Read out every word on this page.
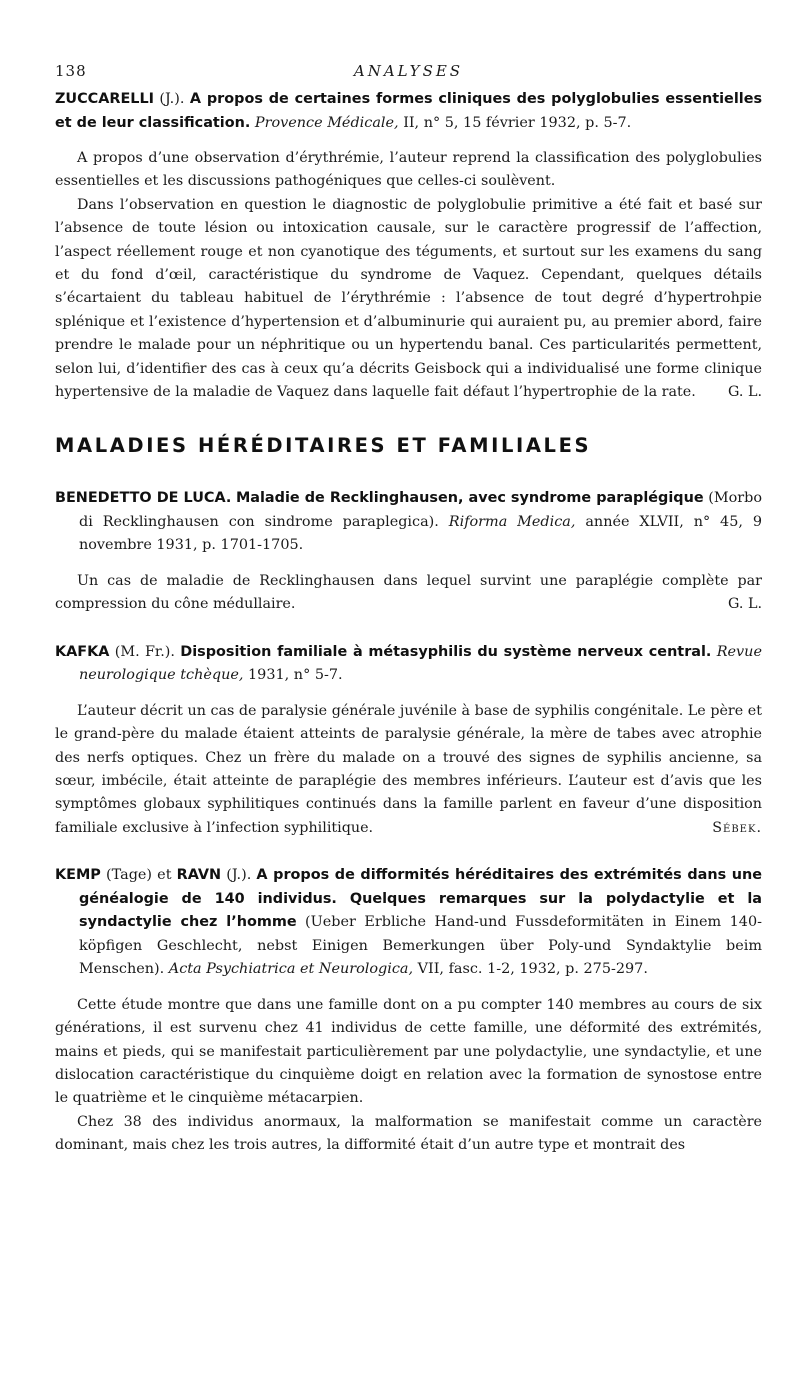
138	ANALYSES

ZUCCARELLI (J.). A propos de certaines formes cliniques des polyglobulies essentielles et de leur classification. Provence Médicale, II, n° 5, 15 février 1932, p. 5-7.

A propos d’une observation d’érythrémie, l’auteur reprend la classification des polyglobulies essentielles et les discussions pathogéniques que celles-ci soulèvent.

Dans l’observation en question le diagnostic de polyglobulie primitive a été fait et basé sur l’absence de toute lésion ou intoxication causale, sur le caractère progressif de l’affection, l’aspect réellement rouge et non cyanotique des téguments, et surtout sur les examens du sang et du fond d’œil, caractéristique du syndrome de Vaquez. Cependant, quelques détails s’écartaient du tableau habituel de l’érythrémie : l’absence de tout degré d’hypertrohpie splénique et l’existence d’hypertension et d’albuminurie qui auraient pu, au premier abord, faire prendre le malade pour un néphritique ou un hypertendu banal. Ces particularités permettent, selon lui, d’identifier des cas à ceux qu’a décrits Geisbock qui a individualisé une forme clinique hypertensive de la maladie de Vaquez dans laquelle fait défaut l’hypertrophie de la rate. G. L.

MALADIES HÉRÉDITAIRES ET FAMILIALES

BENEDETTO DE LUCA. Maladie de Recklinghausen, avec syndrome paraplégique (Morbo di Recklinghausen con sindrome paraplegica). Riforma Medica, année XLVII, n° 45, 9 novembre 1931, p. 1701-1705.

Un cas de maladie de Recklinghausen dans lequel survint une paraplégie complète par compression du cône médullaire.	G. L.

KAFKA (M. Fr.). Disposition familiale à métasyphilis du système nerveux central. Revue neurologique tchèque, 1931, n° 5-7.

L’auteur décrit un cas de paralysie générale juvénile à base de syphilis congénitale. Le père et le grand-père du malade étaient atteints de paralysie générale, la mère de tabes avec atrophie des nerfs optiques. Chez un frère du malade on a trouvé des signes de syphilis ancienne, sa sœur, imbécile, était atteinte de paraplégie des membres inférieurs. L’auteur est d’avis que les symptômes globaux syphilitiques continués dans la famille parlent en faveur d’une disposition familiale exclusive à l’infection syphilitique.	Sébek.

KEMP (Tage) et RAVN (J.). A propos de difformités héréditaires des extrémités dans une généalogie de 140 individus. Quelques remarques sur la polydactylie et la syndactylie chez l’homme (Ueber Erbliche Hand-und Fussdeformitäten in Einem 140-köpfigen Geschlecht, nebst Einigen Bemerkungen über Poly-und Syndaktylie beim Menschen). Acta Psychiatrica et Neurologica, VII, fasc. 1-2, 1932, p. 275-297.

Cette étude montre que dans une famille dont on a pu compter 140 membres au cours de six générations, il est survenu chez 41 individus de cette famille, une déformité des extrémités, mains et pieds, qui se manifestait particulièrement par une polydactylie, une syndactylie, et une dislocation caractéristique du cinquième doigt en relation avec la formation de synostose entre le quatrième et le cinquième métacarpien.

Chez 38 des individus anormaux, la malformation se manifestait comme un caractère dominant, mais chez les trois autres, la difformité était d’un autre type et montrait des
